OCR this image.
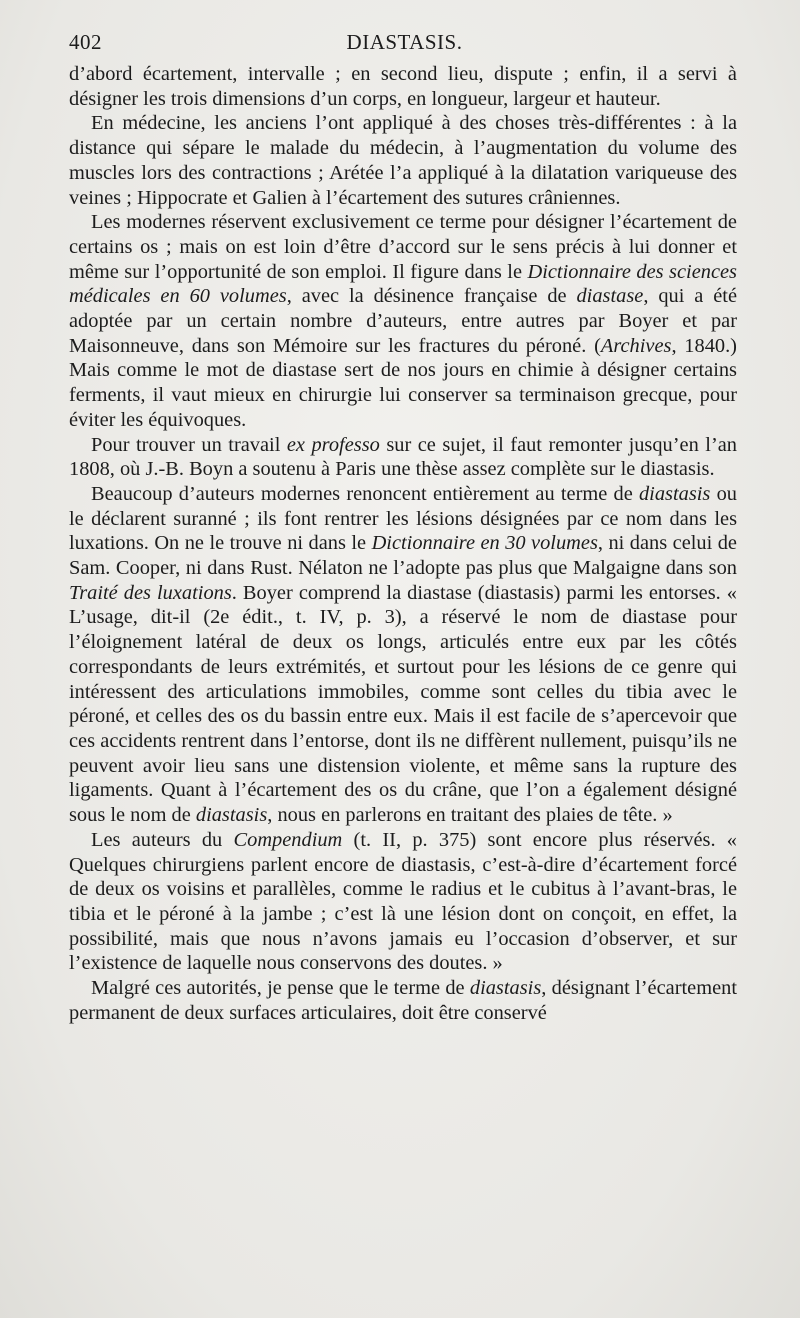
402	DIASTASIS.

d’abord écartement, intervalle ; en second lieu, dispute ; enfin, il a servi à désigner les trois dimensions d’un corps, en longueur, largeur et hauteur.

En médecine, les anciens l’ont appliqué à des choses très-différentes : à la distance qui sépare le malade du médecin, à l’augmentation du volume des muscles lors des contractions ; Arétée l’a appliqué à la dilatation variqueuse des veines ; Hippocrate et Galien à l’écartement des sutures crâniennes.

Les modernes réservent exclusivement ce terme pour désigner l’écartement de certains os ; mais on est loin d’être d’accord sur le sens précis à lui donner et même sur l’opportunité de son emploi. Il figure dans le Dictionnaire des sciences médicales en 60 volumes, avec la désinence française de diastase, qui a été adoptée par un certain nombre d’auteurs, entre autres par Boyer et par Maisonneuve, dans son Mémoire sur les fractures du péroné. (Archives, 1840.) Mais comme le mot de diastase sert de nos jours en chimie à désigner certains ferments, il vaut mieux en chirurgie lui conserver sa terminaison grecque, pour éviter les équivoques.

Pour trouver un travail ex professo sur ce sujet, il faut remonter jusqu’en l’an 1808, où J.-B. Boyn a soutenu à Paris une thèse assez complète sur le diastasis.

Beaucoup d’auteurs modernes renoncent entièrement au terme de diastasis ou le déclarent suranné ; ils font rentrer les lésions désignées par ce nom dans les luxations. On ne le trouve ni dans le Dictionnaire en 30 volumes, ni dans celui de Sam. Cooper, ni dans Rust. Nélaton ne l’adopte pas plus que Malgaigne dans son Traité des luxations. Boyer comprend la diastase (diastasis) parmi les entorses. « L’usage, dit-il (2e édit., t. IV, p. 3), a réservé le nom de diastase pour l’éloignement latéral de deux os longs, articulés entre eux par les côtés correspondants de leurs extrémités, et surtout pour les lésions de ce genre qui intéressent des articulations immobiles, comme sont celles du tibia avec le péroné, et celles des os du bassin entre eux. Mais il est facile de s’apercevoir que ces accidents rentrent dans l’entorse, dont ils ne diffèrent nullement, puisqu’ils ne peuvent avoir lieu sans une distension violente, et même sans la rupture des ligaments. Quant à l’écartement des os du crâne, que l’on a également désigné sous le nom de diastasis, nous en parlerons en traitant des plaies de tête. »

Les auteurs du Compendium (t. II, p. 375) sont encore plus réservés. « Quelques chirurgiens parlent encore de diastasis, c’est-à-dire d’écartement forcé de deux os voisins et parallèles, comme le radius et le cubitus à l’avant-bras, le tibia et le péroné à la jambe ; c’est là une lésion dont on conçoit, en effet, la possibilité, mais que nous n’avons jamais eu l’occasion d’observer, et sur l’existence de laquelle nous conservons des doutes. »

Malgré ces autorités, je pense que le terme de diastasis, désignant l’écartement permanent de deux surfaces articulaires, doit être conservé
